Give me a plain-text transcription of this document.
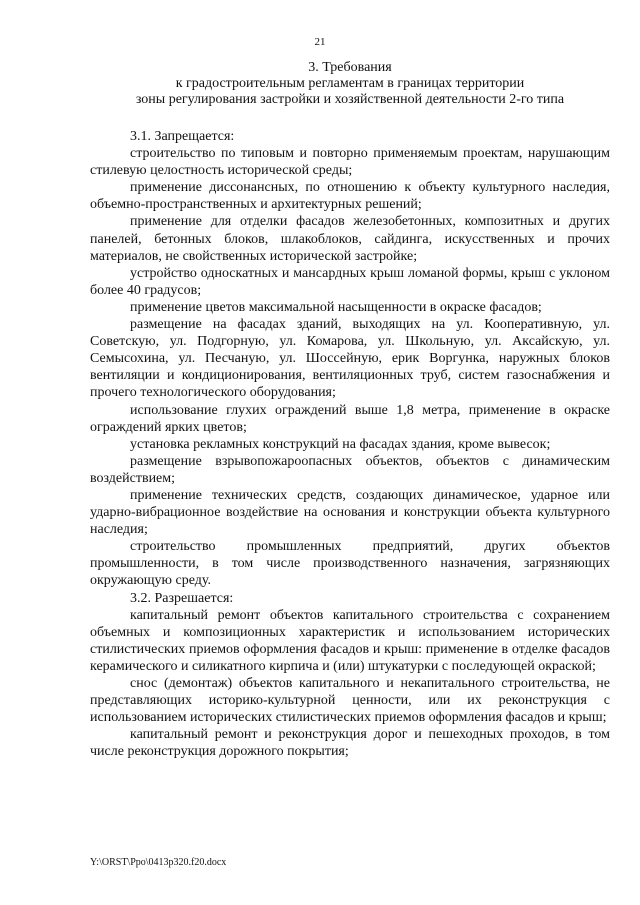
21
3. Требования
к градостроительным регламентам в границах территории
зоны регулирования застройки и хозяйственной деятельности 2-го типа

3.1. Запрещается:

строительство по типовым и повторно применяемым проектам, нарушающим стилевую целостность исторической среды;

применение диссонансных, по отношению к объекту культурного наследия, объемно-пространственных и архитектурных решений;

применение для отделки фасадов железобетонных, композитных и других панелей, бетонных блоков, шлакоблоков, сайдинга, искусственных и прочих материалов, не свойственных исторической застройке;

устройство односкатных и мансардных крыш ломаной формы, крыш с уклоном более 40 градусов;

применение цветов максимальной насыщенности в окраске фасадов;

размещение на фасадах зданий, выходящих на ул. Кооперативную, ул. Советскую, ул. Подгорную, ул. Комарова, ул. Школьную, ул. Аксайскую, ул. Семысохина, ул. Песчаную, ул. Шоссейную, ерик Воргунка, наружных блоков вентиляции и кондиционирования, вентиляционных труб, систем газоснабжения и прочего технологического оборудования;

использование глухих ограждений выше 1,8 метра, применение в окраске ограждений ярких цветов;

установка рекламных конструкций на фасадах здания, кроме вывесок;

размещение взрывопожароопасных объектов, объектов с динамическим воздействием;

применение технических средств, создающих динамическое, ударное или ударно-вибрационное воздействие на основания и конструкции объекта культурного наследия;

строительство промышленных предприятий, других объектов промышленности, в том числе производственного назначения, загрязняющих окружающую среду.

3.2. Разрешается:

капитальный ремонт объектов капитального строительства с сохранением объемных и композиционных характеристик и использованием исторических стилистических приемов оформления фасадов и крыш: применение в отделке фасадов керамического и силикатного кирпича и (или) штукатурки с последующей окраской;

снос (демонтаж) объектов капитального и некапитального строительства, не представляющих историко-культурной ценности, или их реконструкция с использованием исторических стилистических приемов оформления фасадов и крыш;

капитальный ремонт и реконструкция дорог и пешеходных проходов, в том числе реконструкция дорожного покрытия;

Y:\ORST\Ppo\0413p320.f20.docx
